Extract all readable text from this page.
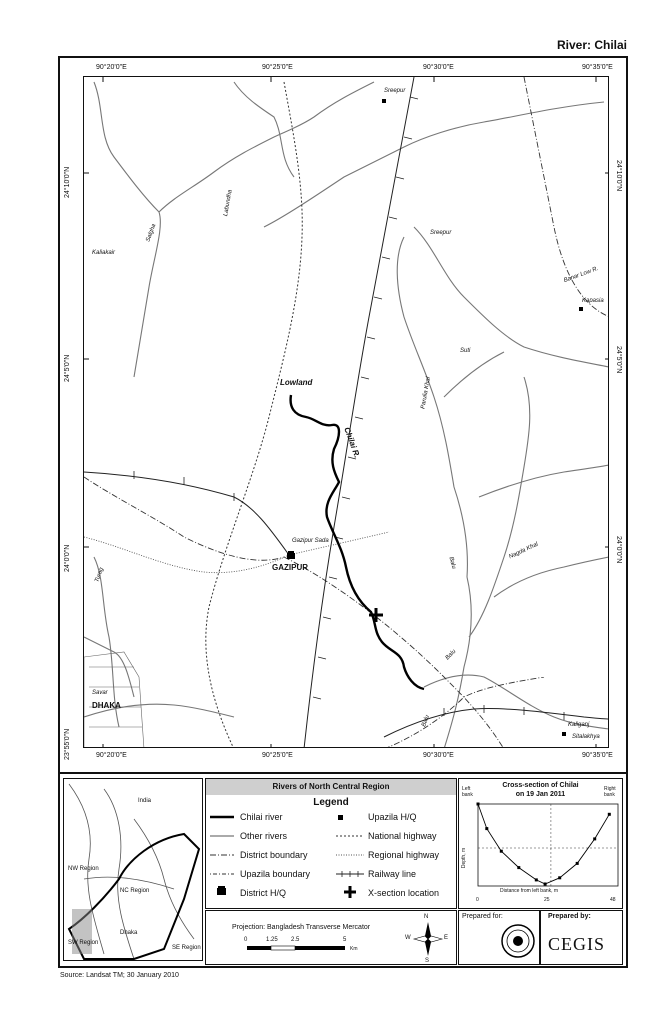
River: Chilai
90°20'0"E	90°25'0"E	90°30'0"E	90°35'0"E
90°20'0"E	90°25'0"E	90°30'0"E	90°35'0"E
24°10'0"N
24°5'0"N
24°0'0"N
23°55'0"N
24°10'0"N
24°5'0"N
24°0'0"N
Sreepur
Sreepur
Kaliakair
Salgha
Labundha
Banar Low R.
Kapasia
Suti
Parulia Khal
Lowland
Chilai R.
Gazipur Sada
GAZIPUR
Turag
Balu
Balu
Balu
Nagda Khal
Savar
DHAKA
Kaliganj
Sitalakhya
India
NW Region
NC Region
SW Region
SE Region
Dhaka
Rivers of North Central Region
Legend
Chilai river
Other rivers
District boundary
Upazila boundary
District H/Q
Upazila H/Q
National highway
Regional highway
Railway line
X-section location
Projection: Bangladesh Transverse Mercator
0	1.25 2.5	5
Km
N
E
S
W
Cross-section of Chilai
on 19 Jan 2011
Left bank
Right bank
Depth, m
Distance from left bank, m
0	25	48
Prepared for:	Prepared by:
CEGIS
Source: Landsat TM; 30 January 2010
